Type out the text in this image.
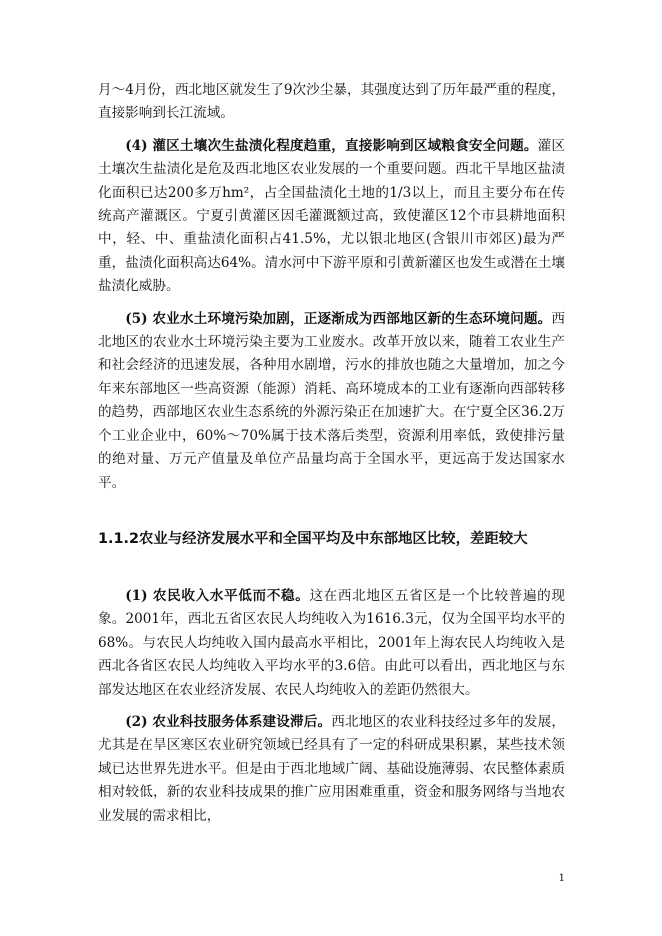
月～4月份，西北地区就发生了9次沙尘暴，其强度达到了历年最严重的程度，直接影响到长江流域。

(4) 灌区土壤次生盐渍化程度趋重，直接影响到区域粮食安全问题。灌区土壤次生盐渍化是危及西北地区农业发展的一个重要问题。西北干旱地区盐渍化面积已达200多万hm²，占全国盐渍化土地的1/3以上，而且主要分布在传统高产灌溉区。宁夏引黄灌区因毛灌溉额过高，致使灌区12个市县耕地面积中，轻、中、重盐渍化面积占41.5%，尤以银北地区(含银川市郊区)最为严重，盐渍化面积高达64%。清水河中下游平原和引黄新灌区也发生或潜在土壤盐渍化威胁。

(5) 农业水土环境污染加剧，正逐渐成为西部地区新的生态环境问题。西北地区的农业水土环境污染主要为工业废水。改革开放以来，随着工农业生产和社会经济的迅速发展，各种用水剧增，污水的排放也随之大量增加，加之今年来东部地区一些高资源（能源）消耗、高环境成本的工业有逐渐向西部转移的趋势，西部地区农业生态系统的外源污染正在加速扩大。在宁夏全区36.2万个工业企业中，60%～70%属于技术落后类型，资源利用率低，致使排污量的绝对量、万元产值量及单位产品量均高于全国水平，更远高于发达国家水平。

1.1.2农业与经济发展水平和全国平均及中东部地区比较，差距较大

(1) 农民收入水平低而不稳。这在西北地区五省区是一个比较普遍的现象。2001年，西北五省区农民人均纯收入为1616.3元，仅为全国平均水平的68%。与农民人均纯收入国内最高水平相比，2001年上海农民人均纯收入是西北各省区农民人均纯收入平均水平的3.6倍。由此可以看出，西北地区与东部发达地区在农业经济发展、农民人均纯收入的差距仍然很大。

(2) 农业科技服务体系建设滞后。西北地区的农业科技经过多年的发展，尤其是在旱区寒区农业研究领域已经具有了一定的科研成果积累，某些技术领域已达世界先进水平。但是由于西北地域广阔、基础设施薄弱、农民整体素质相对较低，新的农业科技成果的推广应用困难重重，资金和服务网络与当地农业发展的需求相比，

1
